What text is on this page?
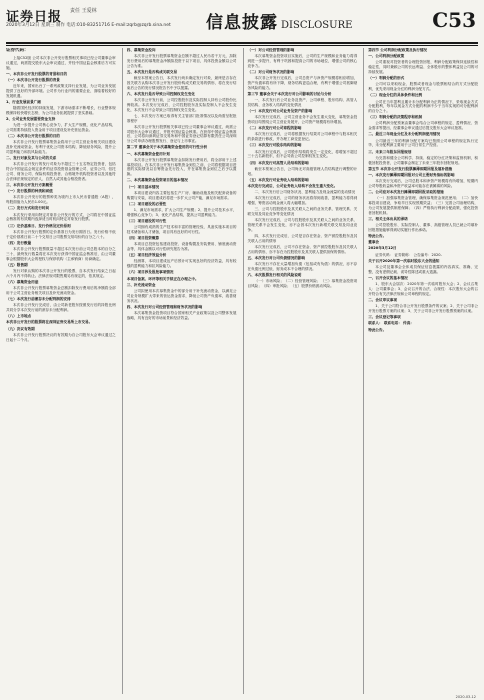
证券日报 责任 王爱林
2020年3月12日 星期三 制作 电话:010-83251716 E-mail:zqrb@zqrb.sina.net 信息披露 DISCLOSURE	C53
证券代码：

上接C52版 公司本次非公开发行股票相关事项已经公司董事会审议通过，尚需提交股东大会审议通过，并经中国证监会核准后方可实施。

一、本次非公开发行股票的背景和目的

（一）本次非公开发行股票的背景

近年来，国家出台了一系列政策支持行业发展，为公司业务发展提供了良好的外部环境。公司作为行业内的重要企业，面临着较好的发展机遇。

1、行业发展前景广阔

随着国民经济的持续发展，下游市场需求不断增长，行业整体规模保持较快增长态势，为公司业务拓展提供了坚实基础。

2、公司业务发展需要资金支持

为进一步提升公司核心竞争力，扩大生产规模，优化产品结构，公司需要持续投入资金用于项目建设及补充营运资金。

（二）本次非公开发行股票的目的

本次非公开发行股票募集资金将用于公司主营业务相关项目建设及补充流动资金，有利于优化公司资本结构，降低财务风险，提升公司盈利能力和抗风险能力。

二、发行对象及其与公司的关系

本次非公开发行的发行对象为不超过三十五名特定投资者，包括符合中国证监会规定条件的证券投资基金管理公司、证券公司、信托公司、财务公司、保险机构投资者、合格境外机构投资者以及其他符合法律法规规定的法人、自然人或其他合格投资者。

三、本次非公开发行方案概要

（一）发行股票的种类和面值

本次非公开发行的股票种类为境内上市人民币普通股（A股），每股面值为人民币1.00元。

（二）发行方式和发行时间

本次发行采用向特定对象非公开发行的方式，公司将在中国证监会核准的有效期内选择适当时机向特定对象发行股票。

（三）定价基准日、发行价格及定价原则

本次非公开发行股票的定价基准日为发行期首日。发行价格不低于定价基准日前二十个交易日公司股票交易均价的百分之八十。

（四）发行数量

本次非公开发行股票数量不超过本次发行前公司总股本的百分之三十，最终发行数量将在本次发行获得中国证监会核准后，由公司董事会根据股东大会的授权与保荐机构（主承销商）协商确定。

（五）限售期

发行对象认购的本次非公开发行的股票，自本次发行结束之日起六个月内不得转让。法律法规对限售期另有规定的，依其规定。

（六）募集资金用途

本次非公开发行股票募集资金总额扣除发行费用后的净额将全部用于公司主营业务相关项目及补充流动资金。

（七）本次发行前滚存未分配利润的安排

本次非公开发行完成后，由公司新老股东按照发行后的持股比例共同分享本次发行前的滚存未分配利润。

（八）上市地点

本次非公开发行的股票将在深圳证券交易所上市交易。

（九）决议有效期

本次非公开发行股票决议的有效期为自公司股东大会审议通过之日起十二个月。

四、募集资金投向

本次非公开发行股票募集资金总额不超过人民币若干万元，扣除发行费用后的募集资金净额拟投资于以下项目，具体投资金额以公司公告为准。

五、本次发行是否构成关联交易

截至本预案公告日，本次发行尚未确定发行对象，最终是否存在因关联方认购本次非公开发行股份构成关联交易的情形，将在发行结束后公告的发行情况报告书中予以披露。

六、本次发行是否导致公司控制权发生变化

本次非公开发行前，公司控股股东及实际控制人持有公司股份比例较高。本次发行完成后，公司控股股东及实际控制人不会发生变化，本次发行不会导致公司控制权发生变化。

七、本次发行方案已取得有关主管部门批准情况以及尚需呈报批准程序

本次非公开发行股票相关事项已经公司董事会审议通过，尚需公司股东大会审议通过，并报中国证监会核准。在获得中国证监会核准后，公司将向深圳证券交易所和中国证券登记结算有限责任公司深圳分公司申请办理股票发行、登记与上市事宜。

第二节 董事会关于本次募集资金使用的可行性分析

一、本次募集资金使用计划

本次非公开发行股票募集资金扣除发行费用后，将全部用于上述募投项目。在本次非公开发行募集资金到位之前，公司将根据项目进度的实际情况以自筹资金先行投入，并在募集资金到位之后予以置换。

二、本次募集资金投资项目的基本情况

（一）项目基本情况

本项目建设内容主要包括生产厂房、辅助设施及相关配套设备的购置与安装，项目建成后将进一步扩大公司产能，满足市场需求。

（二）项目建设的必要性

1、满足市场需求，扩大公司生产规模；2、提升公司技术水平，增强核心竞争力；3、优化产品结构，提高公司盈利能力。

（三）项目建设的可行性

公司拥有成熟的生产技术和丰富的管理经验，具备实施本项目的技术储备和人才储备，项目具有良好的可行性。

（四）项目投资概算

本项目总投资包括建设投资、设备购置及安装费用、铺底流动资金等，具体金额以可行性研究报告为准。

（五）项目经济效益分析

经测算，本项目建成达产后预计可实现良好的经济效益，具有较强的盈利能力和抗风险能力。

（六）项目涉及报批事项情况

本项目备案、环评等相关手续正在办理之中。

三、补充流动资金

公司拟使用本次募集资金中的部分用于补充流动资金，以满足公司业务规模扩大带来的营运资金需求，降低公司资产负债率，改善财务状况。

四、本次发行对公司经营管理和财务状况的影响

本次募集资金投资项目符合国家相关产业政策以及公司整体发展战略，具有良好的市场前景和经济效益。

（一）对公司经营管理的影响

本次募集资金投资项目实施后，公司的生产规模和业务能力将得到进一步提升，有利于巩固和提高公司的市场地位，增强公司的核心竞争力。

（二）对公司财务状况的影响

本次非公开发行完成后，公司总资产与净资产规模将相应增加，资产负债率将有所下降，财务结构更趋合理，有利于增强公司抵御财务风险的能力。

第三节 董事会关于本次发行对公司影响的讨论与分析

一、本次发行后公司业务及资产、公司章程、股东结构、高管人员结构、业务收入结构的变化情况

（一）本次发行对公司业务及资产的影响

本次发行完成后，公司主营业务不会发生重大变化，募集资金投资项目均围绕公司主营业务展开，公司资产规模将有所增加。

（二）本次发行对公司章程的影响

本次发行完成后，公司将根据发行结果对公司章程中与股本相关的条款进行修改，并办理工商变更登记。

（三）本次发行对股东结构的影响

本次发行完成后，公司股东结构将发生一定变化，将增加不超过三十五名新股东，但不会导致公司控制权发生变化。

（四）本次发行对高管人员结构的影响

截至本预案公告日，公司尚无对高级管理人员结构进行调整的计划。

（五）本次发行对业务收入结构的影响

本次发行完成后，公司业务收入结构不会发生重大变化。

二、本次发行后公司财务状况、盈利能力及现金流量的变动情况

本次发行完成后，公司的财务状况将得到改善，盈利能力将得到增强，筹资活动现金流入将大幅增加。

三、公司与控股股东及其关联人之间的业务关系、管理关系、关联交易及同业竞争等变化情况

本次发行完成后，公司与控股股东及其关联人之间的业务关系、管理关系不会发生变化，亦不会因本次发行新增关联交易及同业竞争。

四、本次发行完成后，公司是否存在资金、资产被控股股东及其关联人占用的情形

本次发行完成后，公司不存在资金、资产被控股股东及其关联人占用的情形，亦不存在为控股股东及其关联人提供担保的情形。

五、本次发行对公司负债情况的影响

本次发行不存在大量增加负债（包括或有负债）的情况，亦不存在负债比例过低、财务成本不合理的情况。

六、本次股票发行相关的风险说明

（一）市场风险；（二）经营管理风险；（三）募集资金投资项目风险；（四）审批风险；（五）股票价格波动风险。

第四节 公司利润分配政策及执行情况

一、公司利润分配政策

公司重视对投资者的合理投资回报，利润分配政策保持连续性和稳定性，同时兼顾公司的长远利益、全体股东的整体利益及公司的可持续发展。

（一）利润分配的形式

公司可以采取现金、股票或者现金与股票相结合的方式分配股利，优先采用现金分红的利润分配方式。

（二）现金分红的具体条件和比例

公司在当年盈利且累计未分配利润为正的情况下，采取现金方式分配股利，每年以现金方式分配的利润不少于当年实现的可分配利润的百分之十。

（三）利润分配的决策程序和机制

公司利润分配预案由董事会结合公司章程的规定、盈利情况、资金需求等提出，经董事会审议通过后提交股东大会审议批准。

二、最近三年现金分红及未分配利润使用情况

公司最近三年的利润分配方案均已按照公司章程的规定执行完毕，未分配利润主要用于公司日常生产经营。

三、未来三年股东回报规划

为完善和健全公司科学、持续、稳定的分红决策和监督机制，积极回报投资者，公司董事会制定了未来三年股东回报规划。

第五节 本次非公开发行股票摊薄即期回报及填补措施

一、本次发行摊薄即期回报对公司主要财务指标的影响

本次发行完成后，公司总股本和净资产规模将有所增加，短期内公司每股收益和净资产收益率可能存在被摊薄的风险。

二、公司应对本次发行摊薄即期回报采取的措施

（一）加强募集资金管理，确保募集资金规范使用；（二）加快募投项目建设，争取早日实现预期效益；（三）完善公司治理结构，为公司发展提供制度保障；（四）严格执行利润分配政策，强化投资者回报机制。

三、相关主体出具的承诺

公司控股股东、实际控制人、董事、高级管理人员已就公司填补回报措施能够得到切实履行作出承诺。

特此公告。

董事会

2020年3月12日

证券代码： 证券简称： 公告编号：2020-

关于召开2020年第一次临时股东大会的通知

本公司及董事会全体成员保证信息披露的内容真实、准确、完整，没有虚假记载、误导性陈述或重大遗漏。

一、召开会议的基本情况

1、股东大会届次：2020年第一次临时股东大会；2、会议召集人：公司董事会；3、会议召开的合法、合规性：本次股东大会的召开符合有关法律法规和公司章程的规定。

二、会议审议事项

1、关于公司符合非公开发行股票条件的议案；2、关于公司非公开发行股票方案的议案；3、关于公司非公开发行股票预案的议案。

三、会议登记等事项

联系人： 联系电话： 传真：

特此公告。

2020-03-12
